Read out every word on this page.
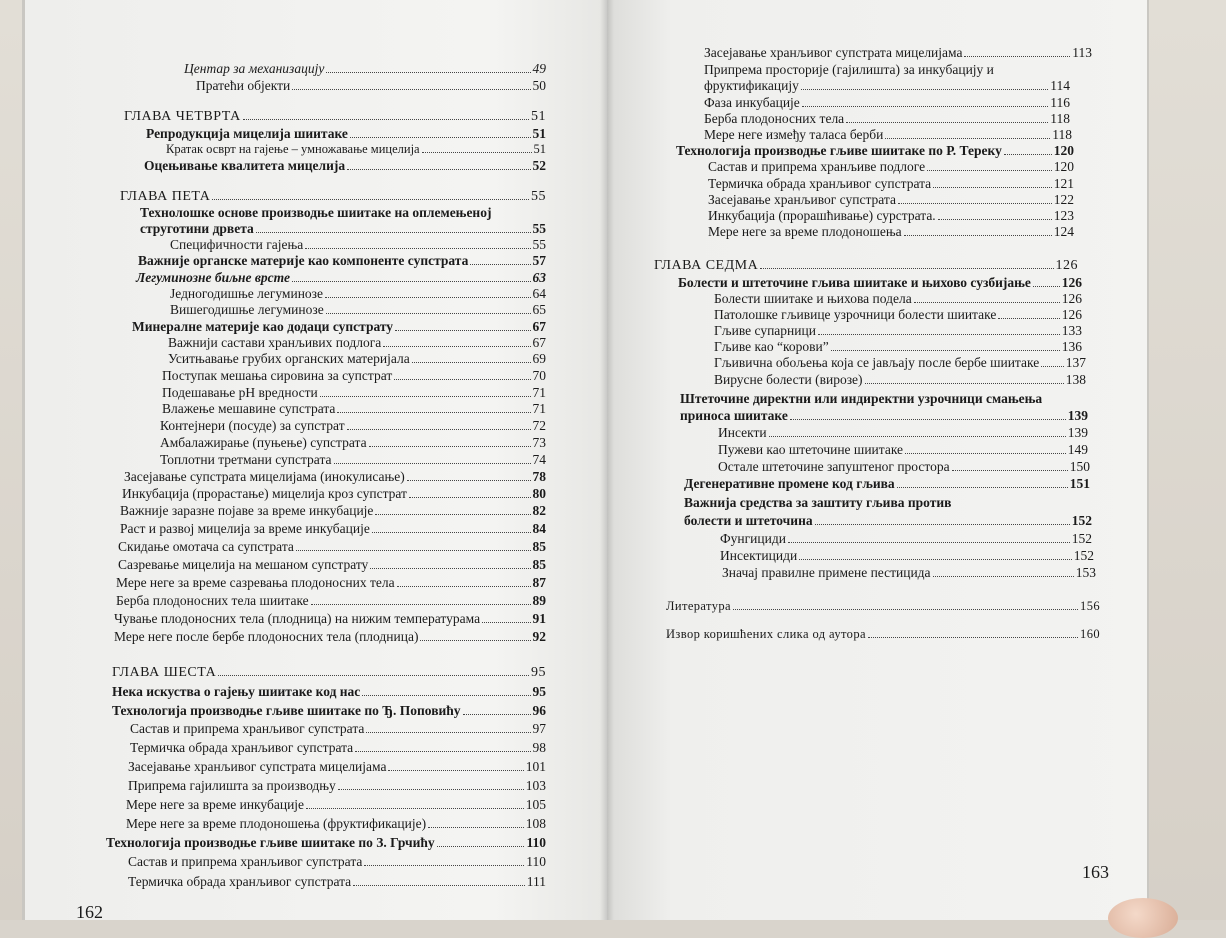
Центар за механизацију	49
Пратећи објекти	50
ГЛАВА ЧЕТВРТА	51
Репродукција мицелија шиитаке	51
Кратак осврт на гајење – умножавање мицелија	51
Оцењивање квалитета мицелија	52
ГЛАВА ПЕТА	55
Технолошке основе производње шиитаке на оплемењеној
струготини дрвета	55
Специфичности гајења	55
Важније органске материје као компоненте супстрата	57
Легуминозне биљне врсте	63
Једногодишње легуминозе	64
Вишегодишње легуминозе	65
Минералне материје као додаци супстрату	67
Важнији састави хранљивих подлога	67
Уситњавање грубих органских материјала	69
Поступак мешања сировина за супстрат	70
Подешавање pH вредности	71
Влажење мешавине супстрата	71
Контејнери (посуде) за супстрат	72
Амбалажирање (пуњење) супстрата	73
Топлотни третмани супстрата	74
Засејавање супстрата мицелијама (инокулисање)	78
Инкубација (прорастање) мицелија кроз супстрат	80
Важније заразне појаве за време инкубације	82
Раст и развој мицелија за време инкубације	84
Скидање омотача са супстрата	85
Сазревање мицелија на мешаном супстрату	85
Мере неге за време сазревања плодоносних тела	87
Берба плодоносних тела шиитаке	89
Чување плодоносних тела (плодница) на нижим температурама	91
Мере неге после бербе плодоносних тела (плодница)	92
ГЛАВА ШЕСТА	95
Нека искуства о гајењу шиитаке код нас	95
Технологија производње гљиве шиитаке по Ђ. Поповићу	96
Састав и припрема хранљивог супстрата	97
Термичка обрада хранљивог супстрата	98
Засејавање хранљивог супстрата мицелијама	101
Припрема гајилишта за производњу	103
Мере неге за време инкубације	105
Мере неге за време плодоношења (фруктификације)	108
Технологија производње гљиве шиитаке по З. Грчићу	110
Састав и припрема хранљивог супстрата	110
Термичка обрада хранљивог супстрата	111
162
Засејавање хранљивог супстрата мицелијама	113
Припрема просторије (гајилишта) за инкубацију и
фруктификацију	114
Фаза инкубације	116
Берба плодоносних тела	118
Мере неге између таласа берби	118
Технологија производње гљиве шиитаке по Р. Тереку	120
Састав и припрема хранљиве подлоге	120
Термичка обрада хранљивог супстрата	121
Засејавање хранљивог супстрата	122
Инкубација (прорашћивање) сурстрата.	123
Мере неге за време плодоношења	124
ГЛАВА СЕДМА	126
Болести и штеточине гљива шиитаке и њихово сузбијање 126
Болести шиитаке и њихова подела	126
Патолошке гљивице узрочници болести шиитаке	126
Гљиве супарници	133
Гљиве као “корови”	136
Гљивична обољења која се јављају после бербе шиитаке 137
Вирусне болести (вирозе)	138
Штеточине директни или индиректни узрочници смањења
приноса шиитаке	139
Инсекти	139
Пужеви као штеточине шиитаке	149
Остале штеточине запуштеног простора	150
Дегенеративне промене код гљива	151
Важнија средства за заштиту гљива против
болести и штеточина	152
Фунгициди	152
Инсектициди	152
Значај правилне примене пестицида	153
Литература	156
Извор коришћених слика од аутора	160
163
